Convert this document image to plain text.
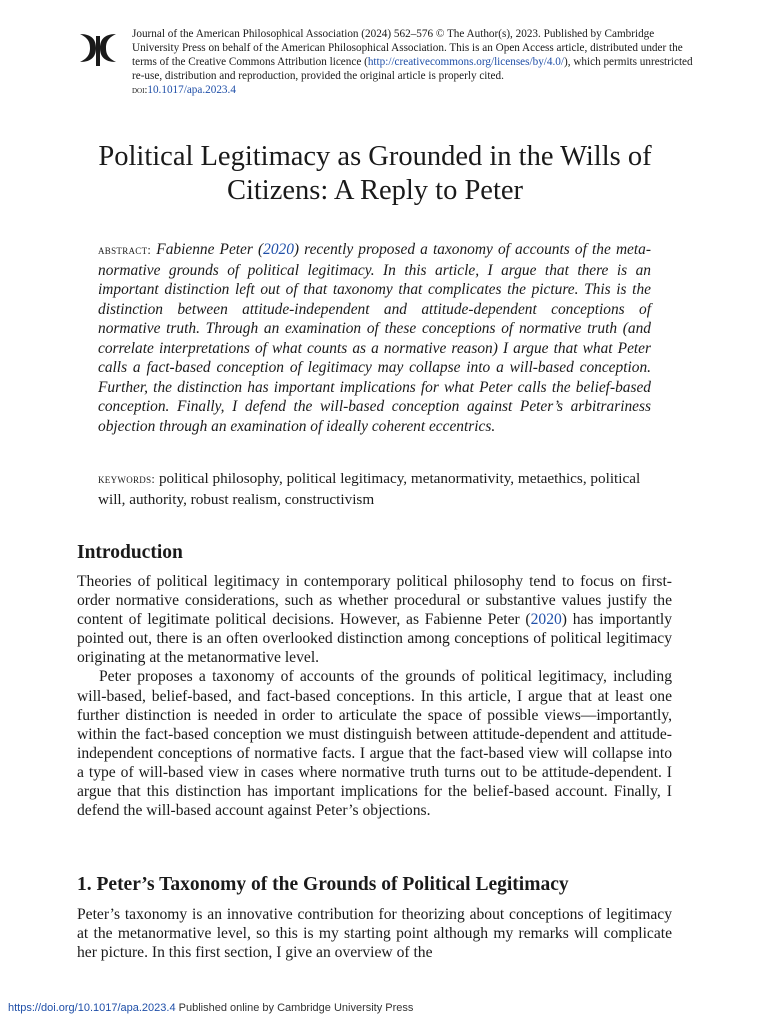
Journal of the American Philosophical Association (2024) 562–576 © The Author(s), 2023. Published by Cambridge University Press on behalf of the American Philosophical Association. This is an Open Access article, distributed under the terms of the Creative Commons Attribution licence (http://creativecommons.org/licenses/by/4.0/), which permits unrestricted re-use, distribution and reproduction, provided the original article is properly cited.
doi:10.1017/apa.2023.4
Political Legitimacy as Grounded in the Wills of Citizens: A Reply to Peter

abstract: Fabienne Peter (2020) recently proposed a taxonomy of accounts of the meta-normative grounds of political legitimacy. In this article, I argue that there is an important distinction left out of that taxonomy that complicates the picture. This is the distinction between attitude-independent and attitude-dependent conceptions of normative truth. Through an examination of these conceptions of normative truth (and correlate interpretations of what counts as a normative reason) I argue that what Peter calls a fact-based conception of legitimacy may collapse into a will-based conception. Further, the distinction has important implications for what Peter calls the belief-based conception. Finally, I defend the will-based conception against Peter’s arbitrariness objection through an examination of ideally coherent eccentrics.

keywords: political philosophy, political legitimacy, metanormativity, metaethics, political will, authority, robust realism, constructivism

Introduction

Theories of political legitimacy in contemporary political philosophy tend to focus on first-order normative considerations, such as whether procedural or substantive values justify the content of legitimate political decisions. However, as Fabienne Peter (2020) has importantly pointed out, there is an often overlooked distinction among conceptions of political legitimacy originating at the metanormative level.

Peter proposes a taxonomy of accounts of the grounds of political legitimacy, including will-based, belief-based, and fact-based conceptions. In this article, I argue that at least one further distinction is needed in order to articulate the space of possible views—importantly, within the fact-based conception we must distinguish between attitude-dependent and attitude-independent conceptions of normative facts. I argue that the fact-based view will collapse into a type of will-based view in cases where normative truth turns out to be attitude-dependent. I argue that this distinction has important implications for the belief-based account. Finally, I defend the will-based account against Peter’s objections.

1. Peter’s Taxonomy of the Grounds of Political Legitimacy

Peter’s taxonomy is an innovative contribution for theorizing about conceptions of legitimacy at the metanormative level, so this is my starting point although my remarks will complicate her picture. In this first section, I give an overview of the

https://doi.org/10.1017/apa.2023.4 Published online by Cambridge University Press
